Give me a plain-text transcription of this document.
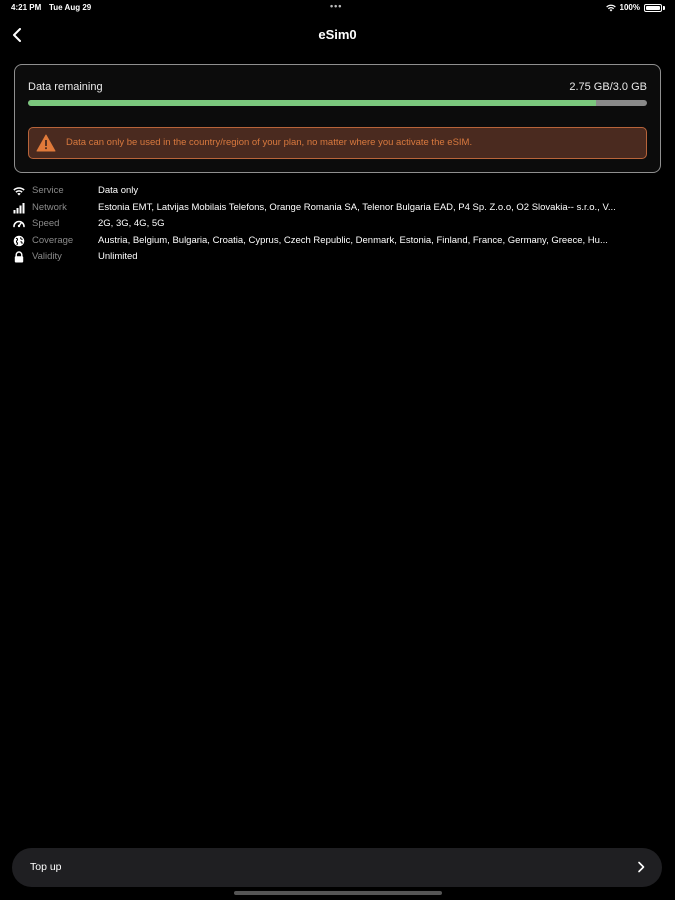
4:21 PM Tue Aug 29	•••	100%
eSim0
Data remaining	2.75 GB/3.0 GB
Data can only be used in the country/region of your plan, no matter where you activate the eSIM.
Service	Data only
Network	Estonia EMT, Latvijas Mobilais Telefons, Orange Romania SA, Telenor Bulgaria EAD, P4 Sp. Z.o.o, O2 Slovakia-- s.r.o., V...
Speed	2G, 3G, 4G, 5G
Coverage	Austria, Belgium, Bulgaria, Croatia, Cyprus, Czech Republic, Denmark, Estonia, Finland, France, Germany, Greece, Hu...
Validity	Unlimited
Top up
